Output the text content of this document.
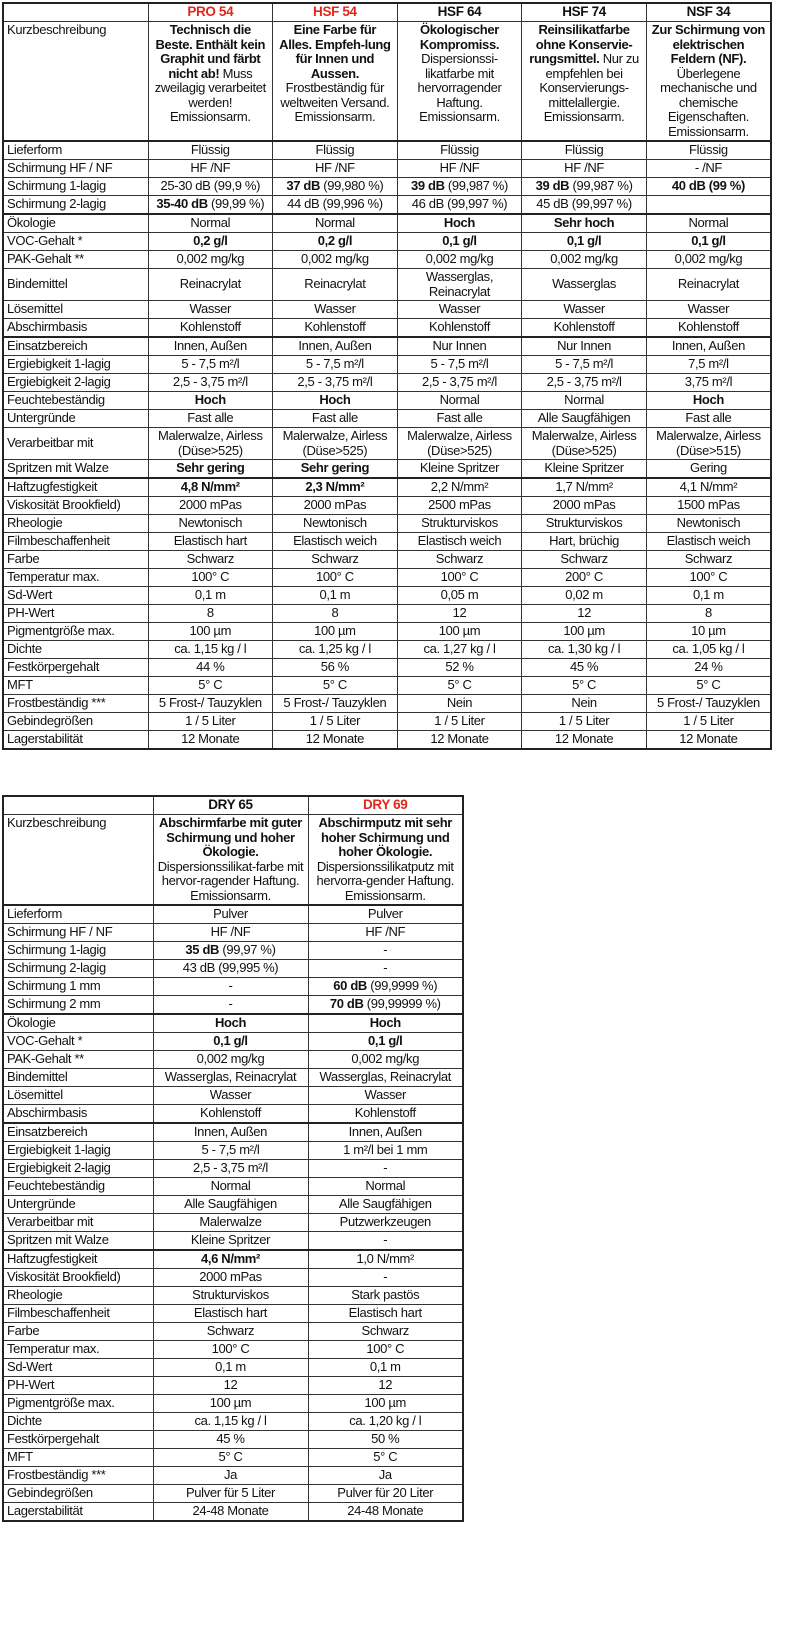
	PRO 54	HSF 54	HSF 64	HSF 74	NSF 34
Kurzbeschreibung	Technisch die Beste. Enthält kein Graphit und färbt nicht ab! Muss zweilagig verarbeitet werden! Emissionsarm.	Eine Farbe für Alles. Empfeh-lung für Innen und Aussen. Frostbeständig für weltweiten Versand. Emissionsarm.	Ökologischer Kompromiss. Dispersionssi-likatfarbe mit hervorragender Haftung. Emissionsarm.	Reinsilikatfarbe ohne Konservie-rungsmittel. Nur zu empfehlen bei Konservierungs-mittelallergie. Emissionsarm.	Zur Schirmung von elektrischen Feldern (NF). Überlegene mechanische und chemische Eigenschaften. Emissionsarm.
Lieferform	Flüssig	Flüssig	Flüssig	Flüssig	Flüssig
Schirmung HF / NF	HF /NF	HF /NF	HF /NF	HF /NF	- /NF
Schirmung 1-lagig	25-30 dB (99,9 %)	37 dB (99,980 %)	39 dB (99,987 %)	39 dB (99,987 %)	40 dB (99 %)
Schirmung 2-lagig	35-40 dB (99,99 %)	44 dB (99,996 %)	46 dB (99,997 %)	45 dB (99,997 %)	
Ökologie	Normal	Normal	Hoch	Sehr hoch	Normal
VOC-Gehalt *	0,2 g/l	0,2 g/l	0,1 g/l	0,1 g/l	0,1 g/l
PAK-Gehalt **	0,002 mg/kg	0,002 mg/kg	0,002 mg/kg	0,002 mg/kg	0,002 mg/kg
Bindemittel	Reinacrylat	Reinacrylat	Wasserglas, Reinacrylat	Wasserglas	Reinacrylat
Lösemittel	Wasser	Wasser	Wasser	Wasser	Wasser
Abschirmbasis	Kohlenstoff	Kohlenstoff	Kohlenstoff	Kohlenstoff	Kohlenstoff
Einsatzbereich	Innen, Außen	Innen, Außen	Nur Innen	Nur Innen	Innen, Außen
Ergiebigkeit 1-lagig	5 - 7,5 m²/l	5 - 7,5 m²/l	5 - 7,5 m²/l	5 - 7,5 m²/l	7,5 m²/l
Ergiebigkeit 2-lagig	2,5 - 3,75 m²/l	2,5 - 3,75 m²/l	2,5 - 3,75 m²/l	2,5 - 3,75 m²/l	3,75 m²/l
Feuchtebeständig	Hoch	Hoch	Normal	Normal	Hoch
Untergründe	Fast alle	Fast alle	Fast alle	Alle Saugfähigen	Fast alle
Verarbeitbar mit	Malerwalze, Airless (Düse>525)	Malerwalze, Airless (Düse>525)	Malerwalze, Airless (Düse>525)	Malerwalze, Airless (Düse>525)	Malerwalze, Airless (Düse>515)
Spritzen mit Walze	Sehr gering	Sehr gering	Kleine Spritzer	Kleine Spritzer	Gering
Haftzugfestigkeit	4,8 N/mm²	2,3 N/mm²	2,2 N/mm²	1,7 N/mm²	4,1 N/mm²
Viskosität Brookfield)	2000 mPas	2000 mPas	2500 mPas	2000 mPas	1500 mPas
Rheologie	Newtonisch	Newtonisch	Strukturviskos	Strukturviskos	Newtonisch
Filmbeschaffenheit	Elastisch hart	Elastisch weich	Elastisch weich	Hart, brüchig	Elastisch weich
Farbe	Schwarz	Schwarz	Schwarz	Schwarz	Schwarz
Temperatur max.	100° C	100° C	100° C	200° C	100° C
Sd-Wert	0,1 m	0,1 m	0,05 m	0,02 m	0,1 m
PH-Wert	8	8	12	12	8
Pigmentgröße max.	100 µm	100 µm	100 µm	100 µm	10 µm
Dichte	ca. 1,15 kg / l	ca. 1,25 kg / l	ca. 1,27 kg / l	ca. 1,30 kg / l	ca. 1,05 kg / l
Festkörpergehalt	44 %	56 %	52 %	45 %	24 %
MFT	5° C	5° C	5° C	5° C	5° C
Frostbeständig ***	5 Frost-/ Tauzyklen	5 Frost-/ Tauzyklen	Nein	Nein	5 Frost-/ Tauzyklen
Gebindegrößen	1 / 5 Liter	1 / 5 Liter	1 / 5 Liter	1 / 5 Liter	1 / 5 Liter
Lagerstabilität	12 Monate	12 Monate	12 Monate	12 Monate	12 Monate
	DRY 65	DRY 69
Kurzbeschreibung	Abschirmfarbe mit guter Schirmung und hoher Ökologie. Dispersionssilikat-farbe mit hervor-ragender Haftung. Emissionsarm.	Abschirmputz mit sehr hoher Schirmung und hoher Ökologie. Dispersionssilikatputz mit hervorra-gender Haftung. Emissionsarm.
Lieferform	Pulver	Pulver
Schirmung HF / NF	HF /NF	HF /NF
Schirmung 1-lagig	35 dB (99,97 %)	-
Schirmung 2-lagig	43 dB (99,995 %)	-
Schirmung 1 mm	-	60 dB (99,9999 %)
Schirmung 2 mm	-	70 dB (99,99999 %)
Ökologie	Hoch	Hoch
VOC-Gehalt *	0,1 g/l	0,1 g/l
PAK-Gehalt **	0,002 mg/kg	0,002 mg/kg
Bindemittel	Wasserglas, Reinacrylat	Wasserglas, Reinacrylat
Lösemittel	Wasser	Wasser
Abschirmbasis	Kohlenstoff	Kohlenstoff
Einsatzbereich	Innen, Außen	Innen, Außen
Ergiebigkeit 1-lagig	5 - 7,5 m²/l	1 m²/l bei 1 mm
Ergiebigkeit 2-lagig	2,5 - 3,75 m²/l	-
Feuchtebeständig	Normal	Normal
Untergründe	Alle Saugfähigen	Alle Saugfähigen
Verarbeitbar mit	Malerwalze	Putzwerkzeugen
Spritzen mit Walze	Kleine Spritzer	-
Haftzugfestigkeit	4,6 N/mm²	1,0 N/mm²
Viskosität Brookfield)	2000 mPas	-
Rheologie	Strukturviskos	Stark pastös
Filmbeschaffenheit	Elastisch hart	Elastisch hart
Farbe	Schwarz	Schwarz
Temperatur max.	100° C	100° C
Sd-Wert	0,1 m	0,1 m
PH-Wert	12	12
Pigmentgröße max.	100 µm	100 µm
Dichte	ca. 1,15 kg / l	ca. 1,20 kg / l
Festkörpergehalt	45 %	50 %
MFT	5° C	5° C
Frostbeständig ***	Ja	Ja
Gebindegrößen	Pulver für 5 Liter	Pulver für 20 Liter
Lagerstabilität	24-48 Monate	24-48 Monate
